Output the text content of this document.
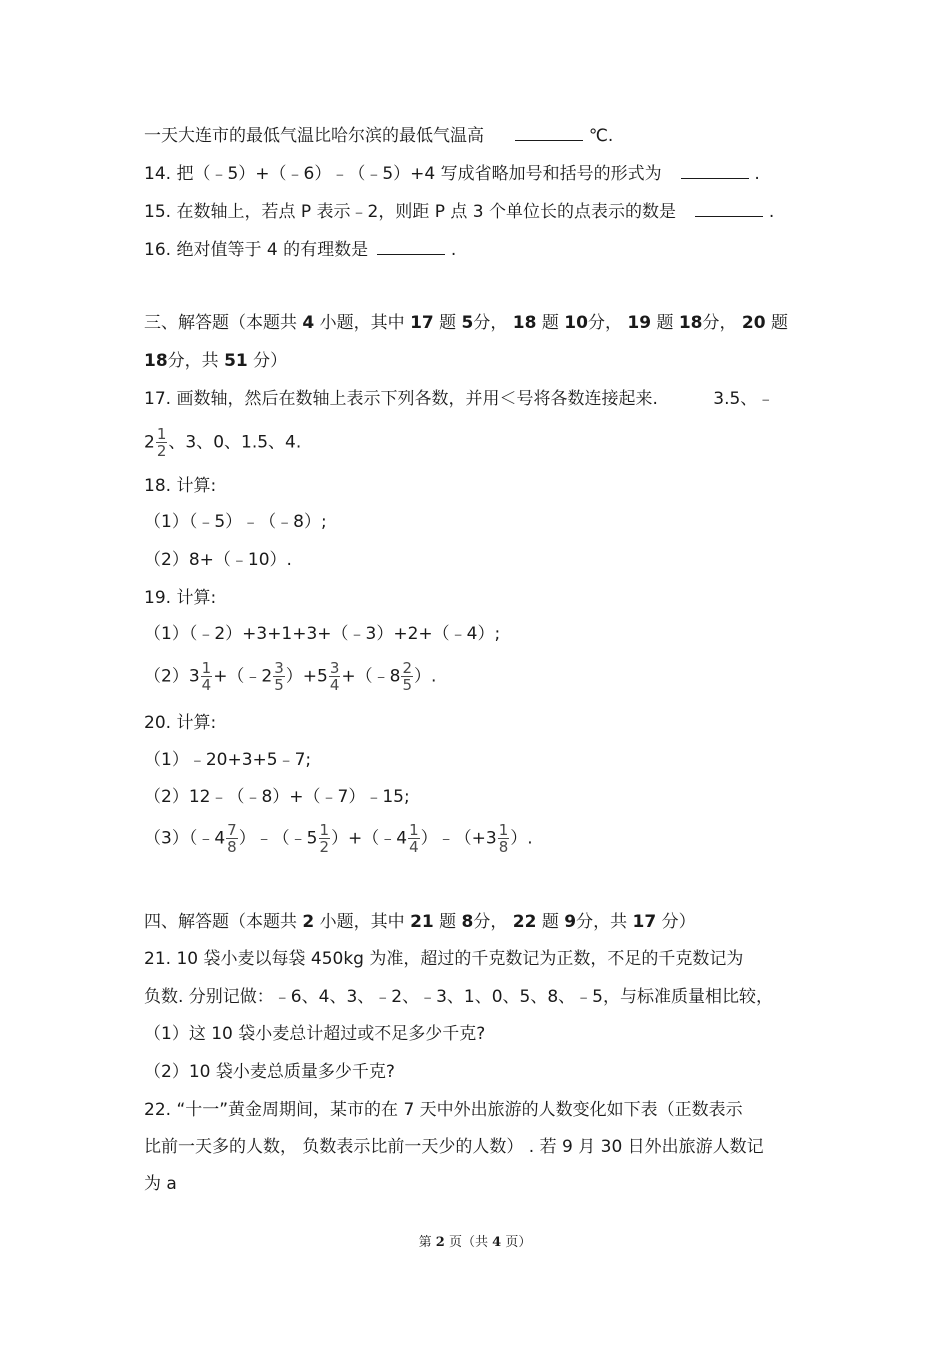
一天大连市的最低气温比哈尔滨的最低气温高	℃.
14. 把（﹣5）+（﹣6）﹣（﹣5）+4 写成省略加号和括号的形式为	.
15. 在数轴上，若点 P 表示﹣2，则距 P 点 3 个单位长的点表示的数是	.
16. 绝对值等于 4 的有理数是	.
三、解答题（本题共 4 小题，其中 17 题 5分， 18 题 10分， 19 题 18分， 20 题
18分，共 51 分）
17. 画数轴，然后在数轴上表示下列各数，并用＜号将各数连接起来.	3.5、﹣
$2 \frac{1}{2}$ 、3、0、1.5、4.
18. 计算:
（1）（﹣5）﹣（﹣8）;
（2）8+（﹣10）.
19. 计算:
（1）（﹣2）+3+1+3+（﹣3）+2+（﹣4）;
$(2)3 \frac{1}{4}$ +（﹣2 $\frac{3}{5} )+5 \frac{3}{4}$ +（﹣8 $\frac{2}{5}$ ）.
20. 计算:
（1）﹣20+3+5﹣7;
（2）12﹣（﹣8）+（﹣7）﹣15;
（3）（﹣4 $\frac{7}{8}$ ）﹣（﹣5 $\frac{1}{2}$ ）+（﹣4 $\frac{1}{4}$ ）﹣（+3 $\frac{1}{8}$ ）.
四、解答题（本题共 2 小题，其中 21 题 8分， 22 题 9分，共 17 分）
21. 10 袋小麦以每袋 450kg 为准，超过的千克数记为正数，不足的千克数记为
负数. 分别记做：﹣6、4、3、﹣2、﹣3、1、0、5、8、﹣5，与标准质量相比较，
（1）这 10 袋小麦总计超过或不足多少千克?
（2）10 袋小麦总质量多少千克?
22. “十一”黄金周期间，某市的在 7 天中外出旅游的人数变化如下表（正数表示
比前一天多的人数， 负数表示比前一天少的人数） . 若 9 月 30 日外出旅游人数记
为 a
第 2 页（共 4 页）
